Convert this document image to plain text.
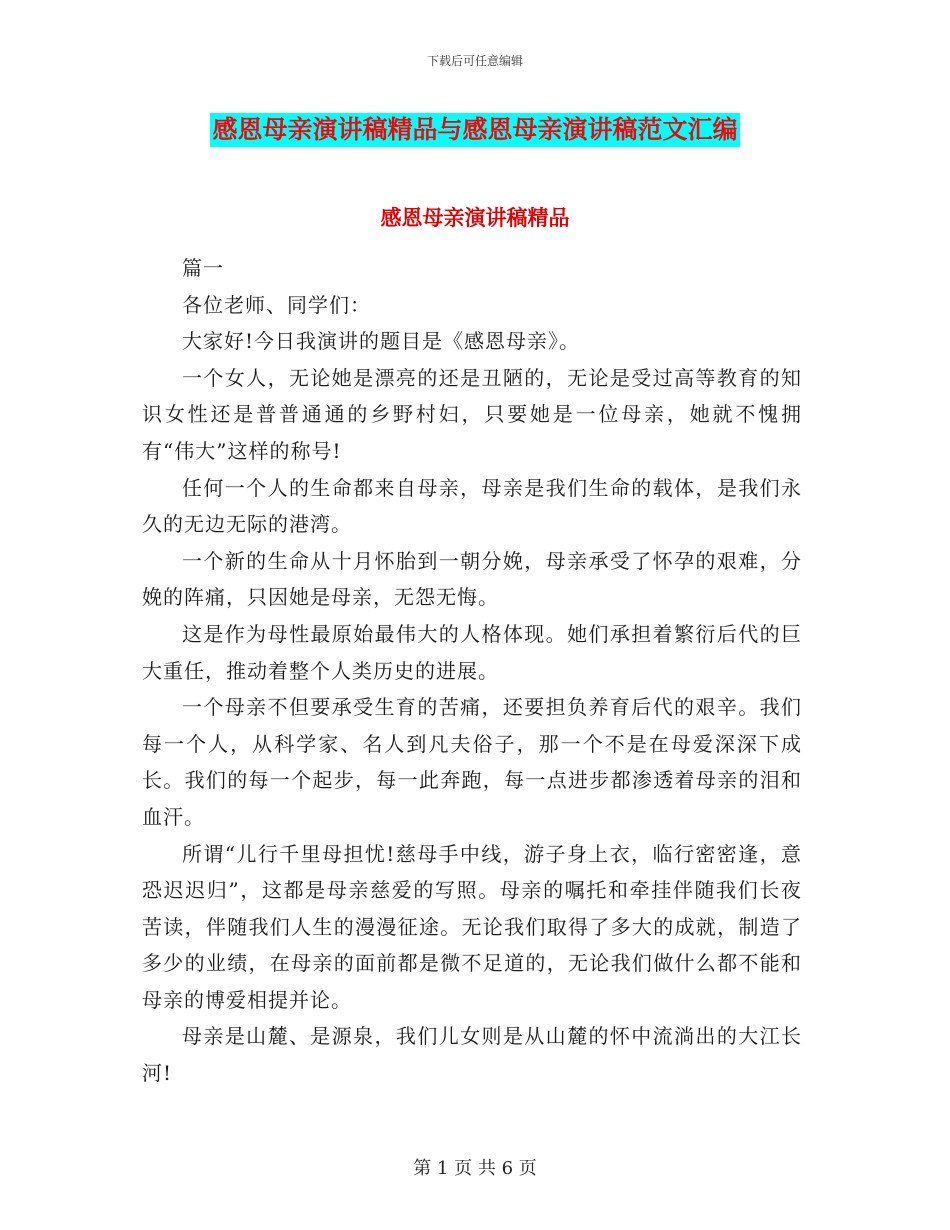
下载后可任意编辑
感恩母亲演讲稿精品与感恩母亲演讲稿范文汇编
感恩母亲演讲稿精品

篇一

各位老师、同学们：

大家好!今日我演讲的题目是《感恩母亲》。

一个女人，无论她是漂亮的还是丑陋的，无论是受过高等教育的知识女性还是普普通通的乡野村妇，只要她是一位母亲，她就不愧拥有“伟大”这样的称号!

任何一个人的生命都来自母亲，母亲是我们生命的载体，是我们永久的无边无际的港湾。

一个新的生命从十月怀胎到一朝分娩，母亲承受了怀孕的艰难，分娩的阵痛，只因她是母亲，无怨无悔。

这是作为母性最原始最伟大的人格体现。她们承担着繁衍后代的巨大重任，推动着整个人类历史的进展。

一个母亲不但要承受生育的苦痛，还要担负养育后代的艰辛。我们每一个人，从科学家、名人到凡夫俗子，那一个不是在母爱深深下成长。我们的每一个起步，每一此奔跑，每一点进步都渗透着母亲的泪和血汗。

所谓“儿行千里母担忧!慈母手中线，游子身上衣，临行密密逢，意恐迟迟归”，这都是母亲慈爱的写照。母亲的嘱托和牵挂伴随我们长夜苦读，伴随我们人生的漫漫征途。无论我们取得了多大的成就，制造了多少的业绩，在母亲的面前都是微不足道的，无论我们做什么都不能和母亲的博爱相提并论。

母亲是山麓、是源泉，我们儿女则是从山麓的怀中流淌出的大江长河!

第 1 页 共 6 页
